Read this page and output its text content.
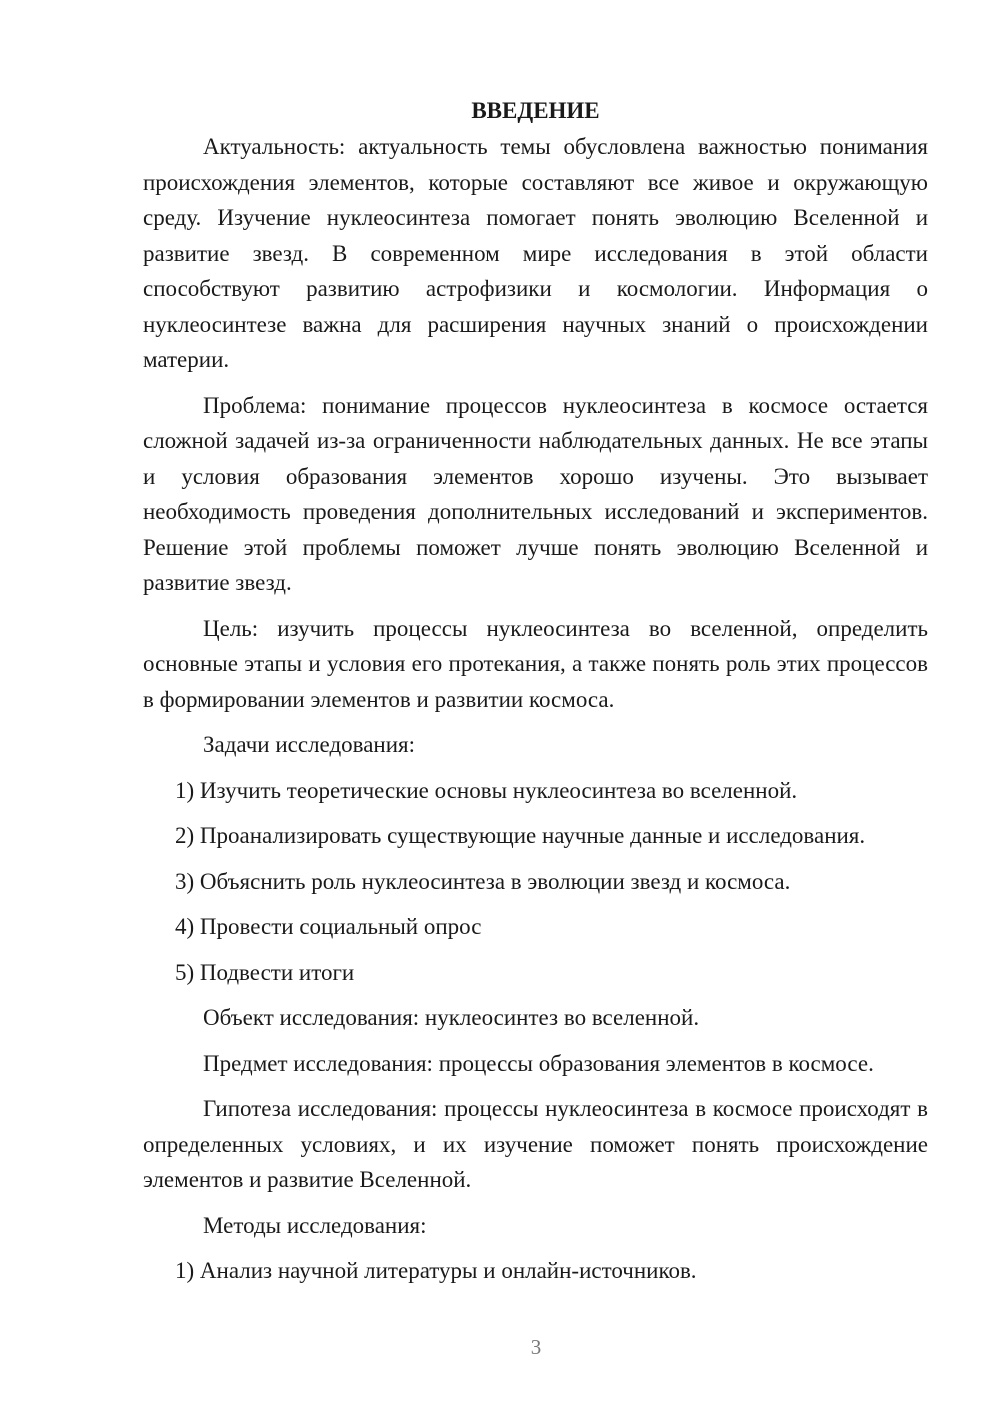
ВВЕДЕНИЕ

Актуальность: актуальность темы обусловлена важностью понимания происхождения элементов, которые составляют все живое и окружающую среду. Изучение нуклеосинтеза помогает понять эволюцию Вселенной и развитие звезд. В современном мире исследования в этой области способствуют развитию астрофизики и космологии. Информация о нуклеосинтезе важна для расширения научных знаний о происхождении материи.

Проблема: понимание процессов нуклеосинтеза в космосе остается сложной задачей из-за ограниченности наблюдательных данных. Не все этапы и условия образования элементов хорошо изучены. Это вызывает необходимость проведения дополнительных исследований и экспериментов. Решение этой проблемы поможет лучше понять эволюцию Вселенной и развитие звезд.

Цель: изучить процессы нуклеосинтеза во вселенной, определить основные этапы и условия его протекания, а также понять роль этих процессов в формировании элементов и развитии космоса.

Задачи исследования:

1) Изучить теоретические основы нуклеосинтеза во вселенной.
2) Проанализировать существующие научные данные и исследования.
3) Объяснить роль нуклеосинтеза в эволюции звезд и космоса.
4) Провести социальный опрос
5) Подвести итоги

Объект исследования: нуклеосинтез во вселенной.

Предмет исследования: процессы образования элементов в космосе.

Гипотеза исследования: процессы нуклеосинтеза в космосе происходят в определенных условиях, и их изучение поможет понять происхождение элементов и развитие Вселенной.

Методы исследования:

1) Анализ научной литературы и онлайн-источников.
3
